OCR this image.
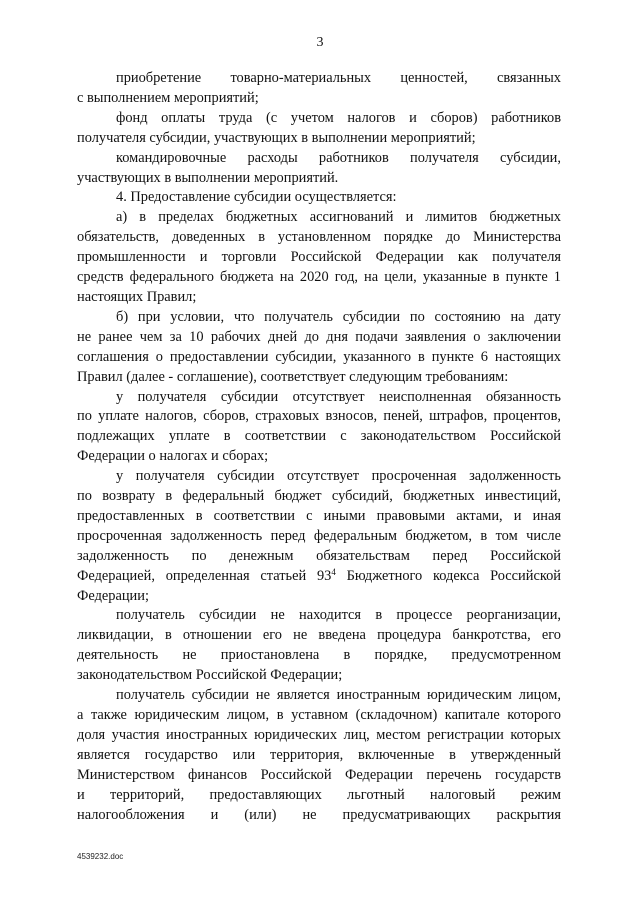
3
приобретение товарно-материальных ценностей, связанных
с выполнением мероприятий;
фонд оплаты труда (с учетом налогов и сборов) работников
получателя субсидии, участвующих в выполнении мероприятий;
командировочные расходы работников получателя субсидии,
участвующих в выполнении мероприятий.
4. Предоставление субсидии осуществляется:
а) в пределах бюджетных ассигнований и лимитов бюджетных
обязательств, доведенных в установленном порядке до Министерства
промышленности и торговли Российской Федерации как получателя
средств федерального бюджета на 2020 год, на цели, указанные в пункте 1
настоящих Правил;
б) при условии, что получатель субсидии по состоянию на дату
не ранее чем за 10 рабочих дней до дня подачи заявления о заключении
соглашения о предоставлении субсидии, указанного в пункте 6 настоящих
Правил (далее - соглашение), соответствует следующим требованиям:
у получателя субсидии отсутствует неисполненная обязанность
по уплате налогов, сборов, страховых взносов, пеней, штрафов, процентов,
подлежащих уплате в соответствии с законодательством Российской
Федерации о налогах и сборах;
у получателя субсидии отсутствует просроченная задолженность
по возврату в федеральный бюджет субсидий, бюджетных инвестиций,
предоставленных в соответствии с иными правовыми актами, и иная
просроченная задолженность перед федеральным бюджетом, в том числе
задолженность по денежным обязательствам перед Российской
Федерацией, определенная статьей $93^4$ Бюджетного кодекса Российской
Федерации;
получатель субсидии не находится в процессе реорганизации,
ликвидации, в отношении его не введена процедура банкротства, его
деятельность не приостановлена в порядке, предусмотренном
законодательством Российской Федерации;
получатель субсидии не является иностранным юридическим лицом,
а также юридическим лицом, в уставном (складочном) капитале которого
доля участия иностранных юридических лиц, местом регистрации которых
является государство или территория, включенные в утвержденный
Министерством финансов Российской Федерации перечень государств
и территорий, предоставляющих льготный налоговый режим
налогообложения и (или) не предусматривающих раскрытия
4539232.doc
